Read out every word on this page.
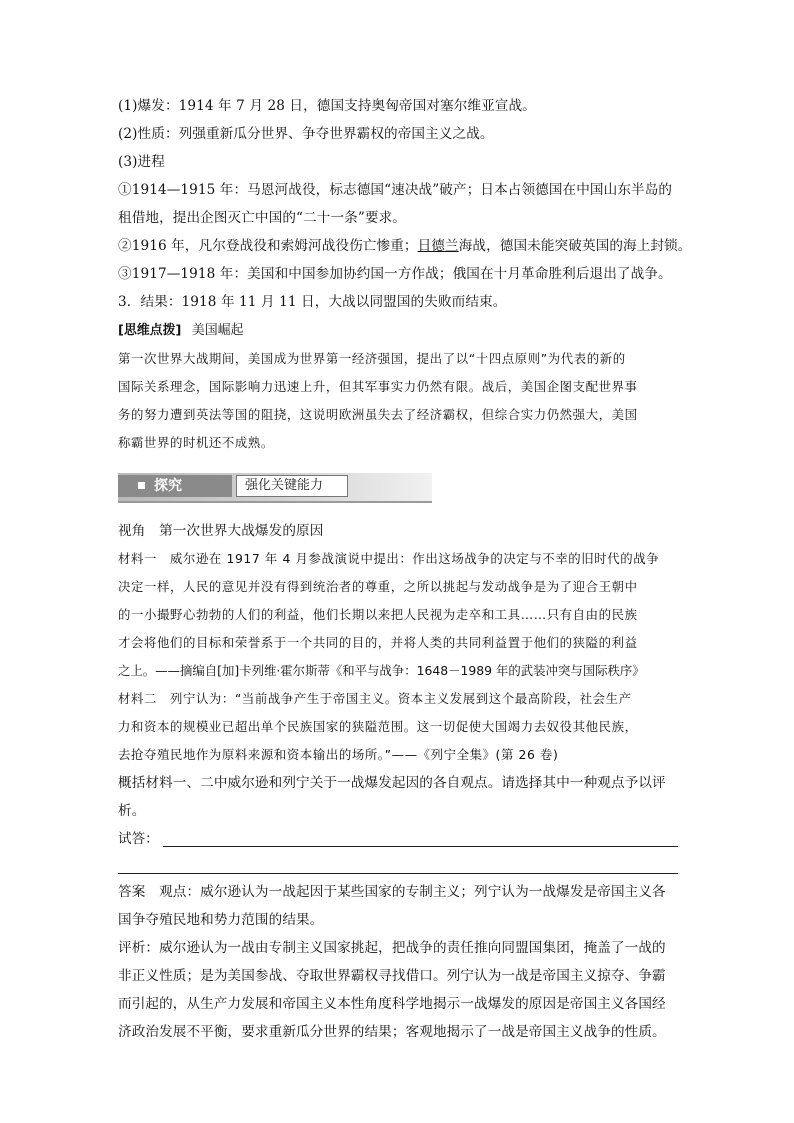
(1)爆发：1914 年 7 月 28 日，德国支持奥匈帝国对塞尔维亚宣战。
(2)性质：列强重新瓜分世界、争夺世界霸权的帝国主义之战。
(3)进程
①1914—1915 年：马恩河战役，标志德国“速决战”破产；日本占领德国在中国山东半岛的
租借地，提出企图灭亡中国的“二十一条”要求。
②1916 年，凡尔登战役和索姆河战役伤亡惨重；日德兰海战，德国未能突破英国的海上封锁。
③1917—1918 年：美国和中国参加协约国一方作战；俄国在十月革命胜利后退出了战争。
3．结果：1918 年 11 月 11 日，大战以同盟国的失败而结束。
[思维点拨] 美国崛起
第一次世界大战期间，美国成为世界第一经济强国，提出了以“十四点原则”为代表的新的
国际关系理念，国际影响力迅速上升，但其军事实力仍然有限。战后，美国企图支配世界事
务的努力遭到英法等国的阻挠，这说明欧洲虽失去了经济霸权，但综合实力仍然强大，美国
称霸世界的时机还不成熟。
探究	强化关键能力
视角　第一次世界大战爆发的原因
材料一　威尔逊在 1917 年 4 月参战演说中提出：作出这场战争的决定与不幸的旧时代的战争
决定一样，人民的意见并没有得到统治者的尊重，之所以挑起与发动战争是为了迎合王朝中
的一小撮野心勃勃的人们的利益，他们长期以来把人民视为走卒和工具……只有自由的民族
才会将他们的目标和荣誉系于一个共同的目的，并将人类的共同利益置于他们的狭隘的利益
之上。——摘编自[加]卡列维·霍尔斯蒂《和平与战争：1648－1989 年的武装冲突与国际秩序》
材料二　列宁认为：“当前战争产生于帝国主义。资本主义发展到这个最高阶段，社会生产
力和资本的规模业已超出单个民族国家的狭隘范围。这一切促使大国竭力去奴役其他民族，
去抢夺殖民地作为原料来源和资本输出的场所。”——《列宁全集》(第 26 卷)
概括材料一、二中威尔逊和列宁关于一战爆发起因的各自观点。请选择其中一种观点予以评
析。
试答：
答案　观点：威尔逊认为一战起因于某些国家的专制主义；列宁认为一战爆发是帝国主义各
国争夺殖民地和势力范围的结果。
评析：威尔逊认为一战由专制主义国家挑起，把战争的责任推向同盟国集团，掩盖了一战的
非正义性质；是为美国参战、夺取世界霸权寻找借口。列宁认为一战是帝国主义掠夺、争霸
而引起的，从生产力发展和帝国主义本性角度科学地揭示一战爆发的原因是帝国主义各国经
济政治发展不平衡，要求重新瓜分世界的结果；客观地揭示了一战是帝国主义战争的性质。
